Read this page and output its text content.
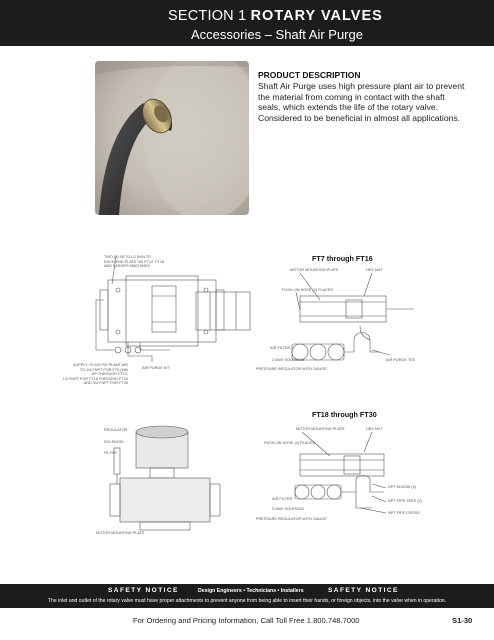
SECTION 1 ROTARY VALVES
Accessories – Shaft Air Purge
PRODUCT DESCRIPTION
Shaft Air Purge uses high pressure plant air to prevent the material from coming in contact with the shaft seals, which extends the life of the rotary valve. Considered to be beneficial in almost all applications.
FT7 through FT16
TWO (2) 45° ELLS RUN TO
EACH END PLATE ON FT12, FT16
AND LARGER MACHINES
MOTOR MOUNTING PLATE	HEX NUT
PUSH-ON HOSE (2) PLACES
AIR FILTER
2-WAY SOLENOID
PRESSURE REGULATOR WITH GAUGE
AIR PURGE TEE
SUPPLY 70-125 PSI PLANT AIR
TO 1/4 FNPT FOR FT6 (M8)
UP THROUGH FT12,
1/2 FNPT FOR FT16 THROUGH FT24
AND 3/4 FNPT FOR FT30
AIR PURGE KIT
FT18 through FT30
REGULATOR
SOLENOID
FILTER
MOTOR MOUNTING PLATE	HEX NUT
PUSH-ON HOSE (4) PLACES
NPT ELBOW (4)
NPT PIPE TEES (2)
NPT PIPE CROSS
AIR FILTER
2-WAY SOLENOID
PRESSURE REGULATOR WITH GAUGE
MOTOR MOUNTING PLATE
SAFETY NOTICE	Design Engineers • Technicians • Installers	SAFETY NOTICE
The inlet and outlet of the rotary valve must have proper attachments to prevent anyone from being able to insert their hands, or foreign objects, into the valve when in operation.
For Ordering and Pricing Information, Call Toll Free 1.800.748.7000	S1-30
